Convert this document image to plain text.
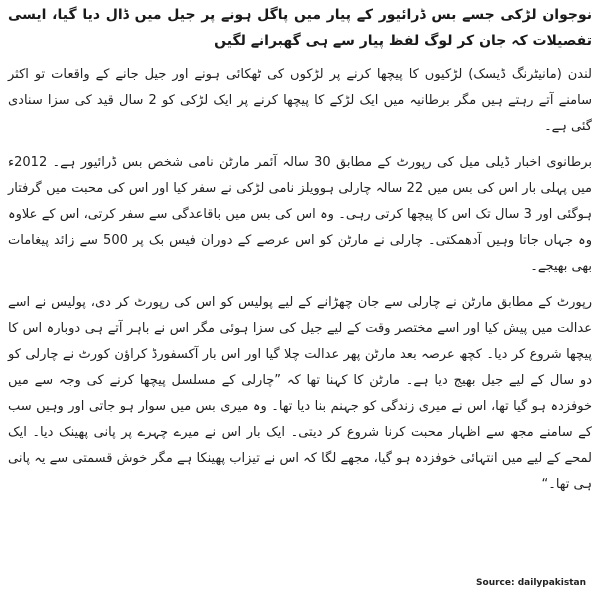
نوجوان لڑکی جسے بس ڈرائیور کے پیار میں پاگل ہونے پر جیل میں ڈال دیا گیا، ایسی تفصیلات کہ جان کر لوگ لفظ پیار سے ہی گھبرانے لگیں

لندن (مانیٹرنگ ڈیسک) لڑکیوں کا پیچھا کرنے پر لڑکوں کی ٹھکائی ہونے اور جیل جانے کے واقعات تو اکثر سامنے آتے رہتے ہیں مگر برطانیہ میں ایک لڑکے کا پیچھا کرنے پر ایک لڑکی کو 2 سال قید کی سزا سنادی گئی ہے۔

برطانوی اخبار ڈیلی میل کی رپورٹ کے مطابق 30 سالہ آئمر مارٹن نامی شخص بس ڈرائیور ہے۔ 2012ء میں پہلی بار اس کی بس میں 22 سالہ چارلی ہوویلز نامی لڑکی نے سفر کیا اور اس کی محبت میں گرفتار ہوگئی اور 3 سال تک اس کا پیچھا کرتی رہی۔ وہ اس کی بس میں باقاعدگی سے سفر کرتی، اس کے علاوہ وہ جہاں جاتا وہیں آدھمکتی۔ چارلی نے مارٹن کو اس عرصے کے دوران فیس بک پر 500 سے زائد پیغامات بھی بھیجے۔

رپورٹ کے مطابق مارٹن نے چارلی سے جان چھڑانے کے لیے پولیس کو اس کی رپورٹ کر دی، پولیس نے اسے عدالت میں پیش کیا اور اسے مختصر وقت کے لیے جیل کی سزا ہوئی مگر اس نے باہر آتے ہی دوبارہ اس کا پیچھا شروع کر دیا۔ کچھ عرصہ بعد مارٹن پھر عدالت چلا گیا اور اس بار آکسفورڈ کراؤن کورٹ نے چارلی کو دو سال کے لیے جیل بھیج دیا ہے۔ مارٹن کا کہنا تھا کہ ”چارلی کے مسلسل پیچھا کرنے کی وجہ سے میں خوفزدہ ہو گیا تھا، اس نے میری زندگی کو جہنم بنا دیا تھا۔ وہ میری بس میں سوار ہو جاتی اور وہیں سب کے سامنے مجھ سے اظہار محبت کرنا شروع کر دیتی۔ ایک بار اس نے میرے چہرے پر پانی پھینک دیا۔ ایک لمحے کے لیے میں انتہائی خوفزدہ ہو گیا، مجھے لگا کہ اس نے تیزاب پھینکا ہے مگر خوش قسمتی سے یہ پانی ہی تھا۔“

Source: dailypakistan
